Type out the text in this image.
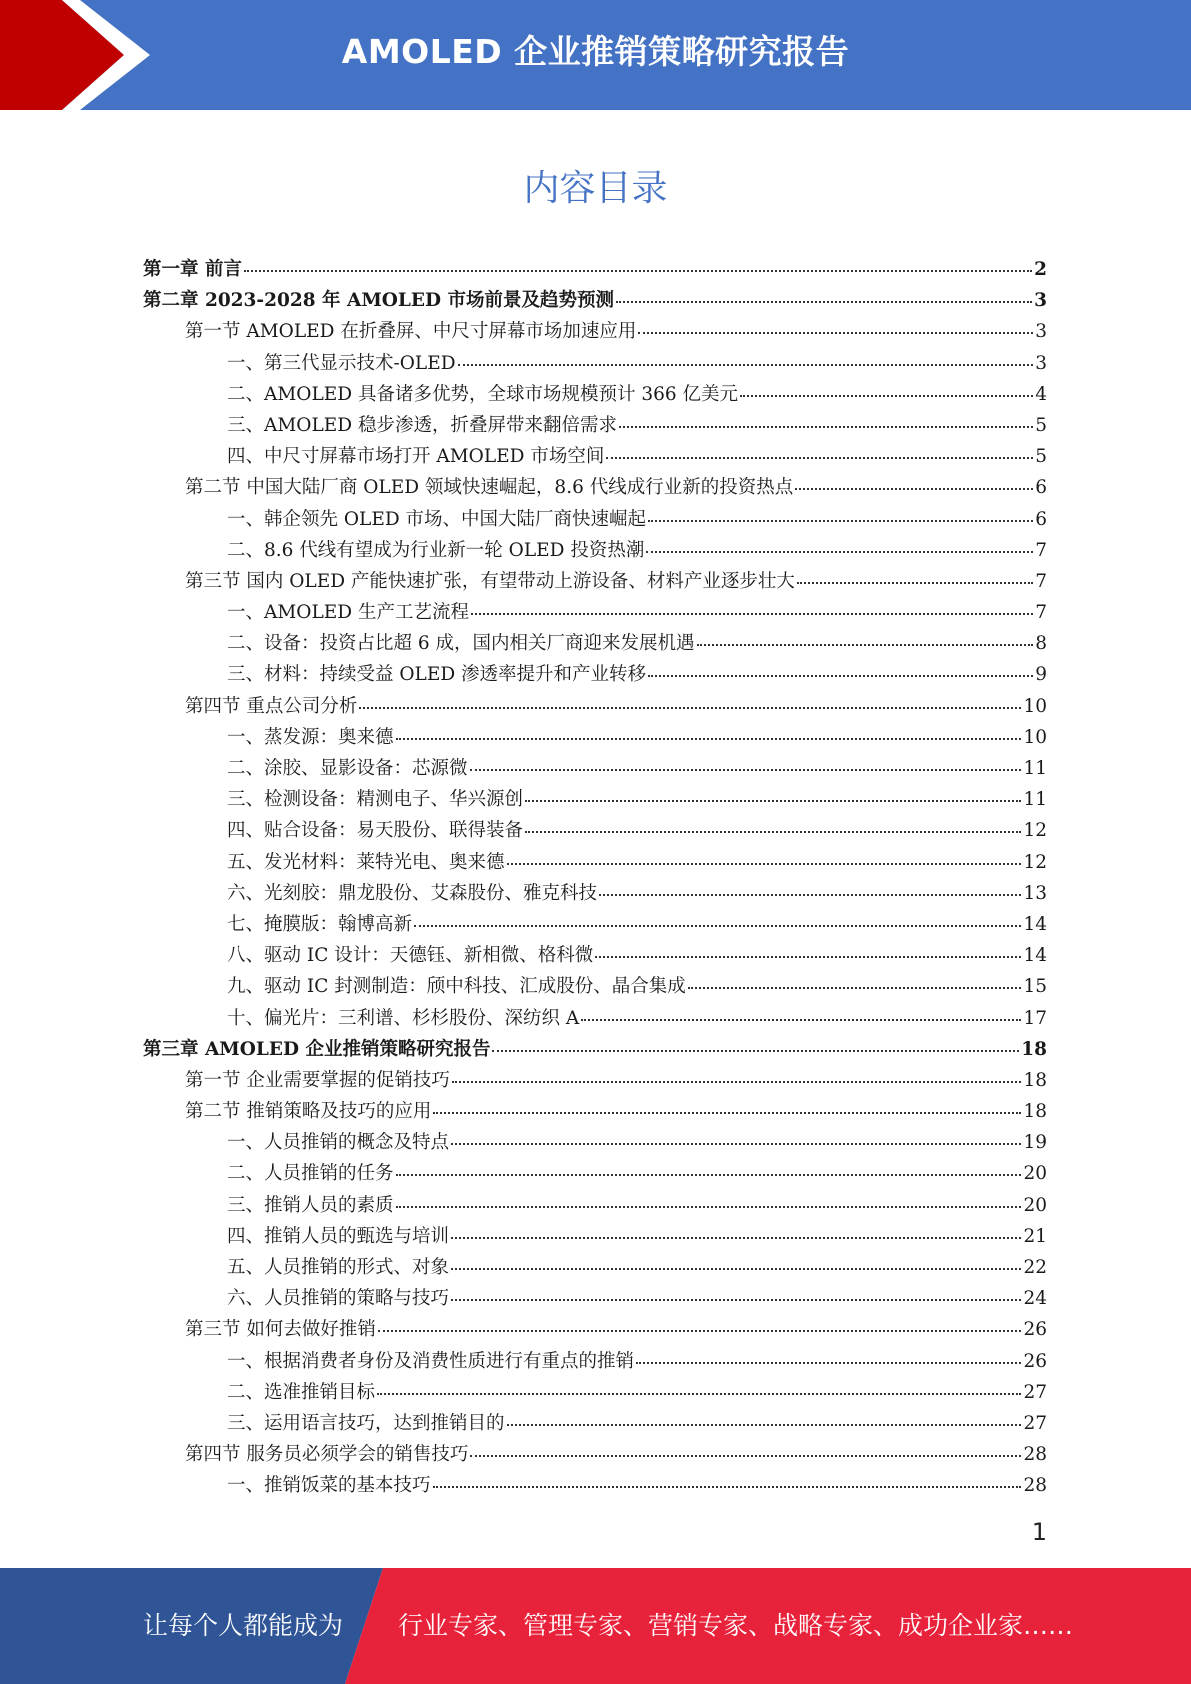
AMOLED 企业推销策略研究报告
内容目录
第一章 前言	2
第二章 2023-2028 年 AMOLED 市场前景及趋势预测	3
第一节 AMOLED 在折叠屏、中尺寸屏幕市场加速应用	3
一、第三代显示技术-OLED	3
二、AMOLED 具备诸多优势，全球市场规模预计 366 亿美元	4
三、AMOLED 稳步渗透，折叠屏带来翻倍需求	5
四、中尺寸屏幕市场打开 AMOLED 市场空间	5
第二节 中国大陆厂商 OLED 领域快速崛起，8.6 代线成行业新的投资热点	6
一、韩企领先 OLED 市场、中国大陆厂商快速崛起	6
二、8.6 代线有望成为行业新一轮 OLED 投资热潮	7
第三节 国内 OLED 产能快速扩张，有望带动上游设备、材料产业逐步壮大	7
一、AMOLED 生产工艺流程	7
二、设备：投资占比超 6 成，国内相关厂商迎来发展机遇	8
三、材料：持续受益 OLED 渗透率提升和产业转移	9
第四节 重点公司分析	10
一、蒸发源：奥来德	10
二、涂胶、显影设备：芯源微	11
三、检测设备：精测电子、华兴源创	11
四、贴合设备：易天股份、联得装备	12
五、发光材料：莱特光电、奥来德	12
六、光刻胶：鼎龙股份、艾森股份、雅克科技	13
七、掩膜版：翰博高新	14
八、驱动 IC 设计：天德钰、新相微、格科微	14
九、驱动 IC 封测制造：颀中科技、汇成股份、晶合集成	15
十、偏光片：三利谱、杉杉股份、深纺织 A	17
第三章 AMOLED 企业推销策略研究报告	18
第一节 企业需要掌握的促销技巧	18
第二节 推销策略及技巧的应用	18
一、人员推销的概念及特点	19
二、人员推销的任务	20
三、推销人员的素质	20
四、推销人员的甄选与培训	21
五、人员推销的形式、对象	22
六、人员推销的策略与技巧	24
第三节 如何去做好推销	26
一、根据消费者身份及消费性质进行有重点的推销	26
二、选准推销目标	27
三、运用语言技巧，达到推销目的	27
第四节 服务员必须学会的销售技巧	28
一、推销饭菜的基本技巧	28
1
让每个人都能成为 行业专家、管理专家、营销专家、战略专家、成功企业家……
